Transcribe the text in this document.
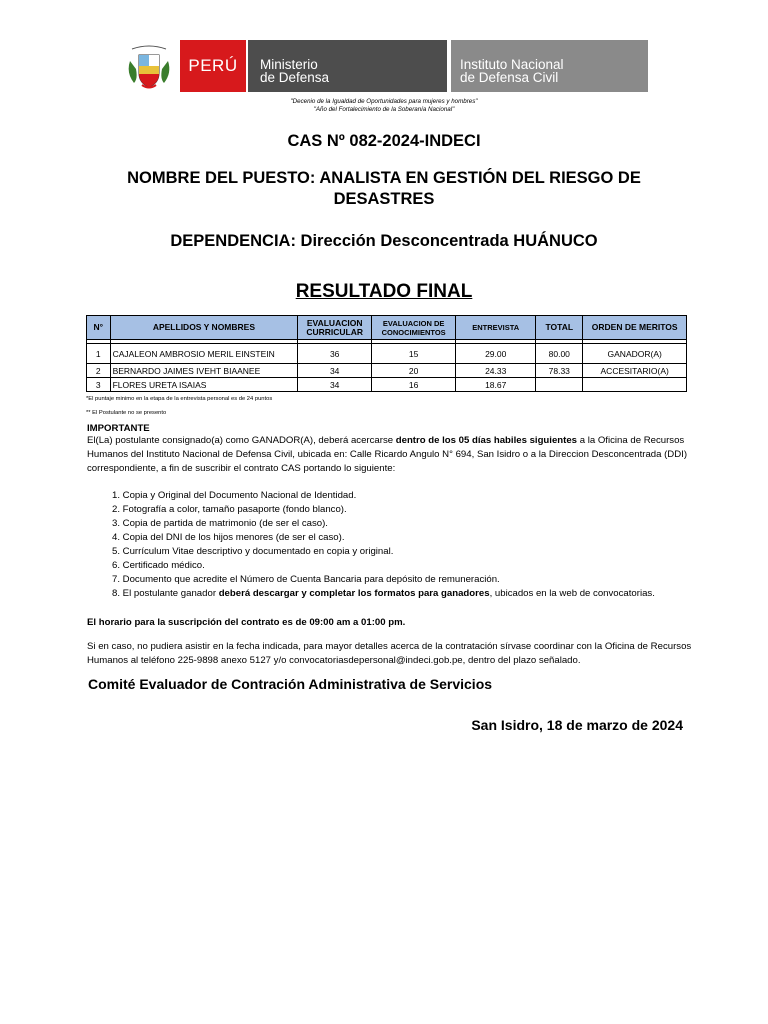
PERÚ	Ministerio
de Defensa
Instituto Nacional
de Defensa Civil
"Decenio de la Igualdad de Oportunidades para mujeres y hombres"
"Año del Fortalecimiento de la Soberanía Nacional"
CAS Nº 082-2024-INDECI
NOMBRE DEL PUESTO: ANALISTA EN GESTIÓN DEL RIESGO DE
DESASTRES
DEPENDENCIA: Dirección Desconcentrada HUÁNUCO
RESULTADO FINAL
N°	APELLIDOS Y NOMBRES	EVALUACION CURRICULAR	EVALUACION DE CONOCIMIENTOS	ENTREVISTA	TOTAL	ORDEN DE MERITOS

1	CAJALEON AMBROSIO MERIL EINSTEIN	36	15	29.00	80.00	GANADOR(A)
2	BERNARDO JAIMES IVEHT BIAANEE	34	20	24.33	78.33	ACCESITARIO(A)
3	FLORES URETA ISAIAS	34	16	18.67		
*El puntaje minimo en la etapa de la entrevista personal es de 24 puntos
** El Postulante no se presento
IMPORTANTE
El(La) postulante consignado(a) como GANADOR(A), deberá acercarse dentro de los 05 días habiles siguientes a la Oficina de Recursos Humanos del Instituto Nacional de Defensa Civil, ubicada en: Calle Ricardo Angulo N° 694, San Isidro o a la Direccion Desconcentrada (DDI) correspondiente, a fin de suscribir el contrato CAS portando lo siguiente:
1. Copia y Original del Documento Nacional de Identidad.
2. Fotografía a color, tamaño pasaporte (fondo blanco).
3. Copia de partida de matrimonio (de ser el caso).
4. Copia del DNI de los hijos menores (de ser el caso).
5. Currículum Vitae descriptivo y documentado en copia y original.
6. Certificado médico.
7. Documento que acredite el Número de Cuenta Bancaria para depósito de remuneración.
8. El postulante ganador deberá descargar y completar los formatos para ganadores, ubicados en la web de convocatorias.
El horario para la suscripción del contrato es de 09:00 am a 01:00 pm.
Si en caso, no pudiera asistir en la fecha indicada, para mayor detalles acerca de la contratación sírvase coordinar con la Oficina de Recursos Humanos al teléfono 225-9898 anexo 5127 y/o convocatoriasdepersonal@indeci.gob.pe, dentro del plazo señalado.
Comité Evaluador de Contración Administrativa de Servicios
San Isidro, 18 de marzo de 2024
